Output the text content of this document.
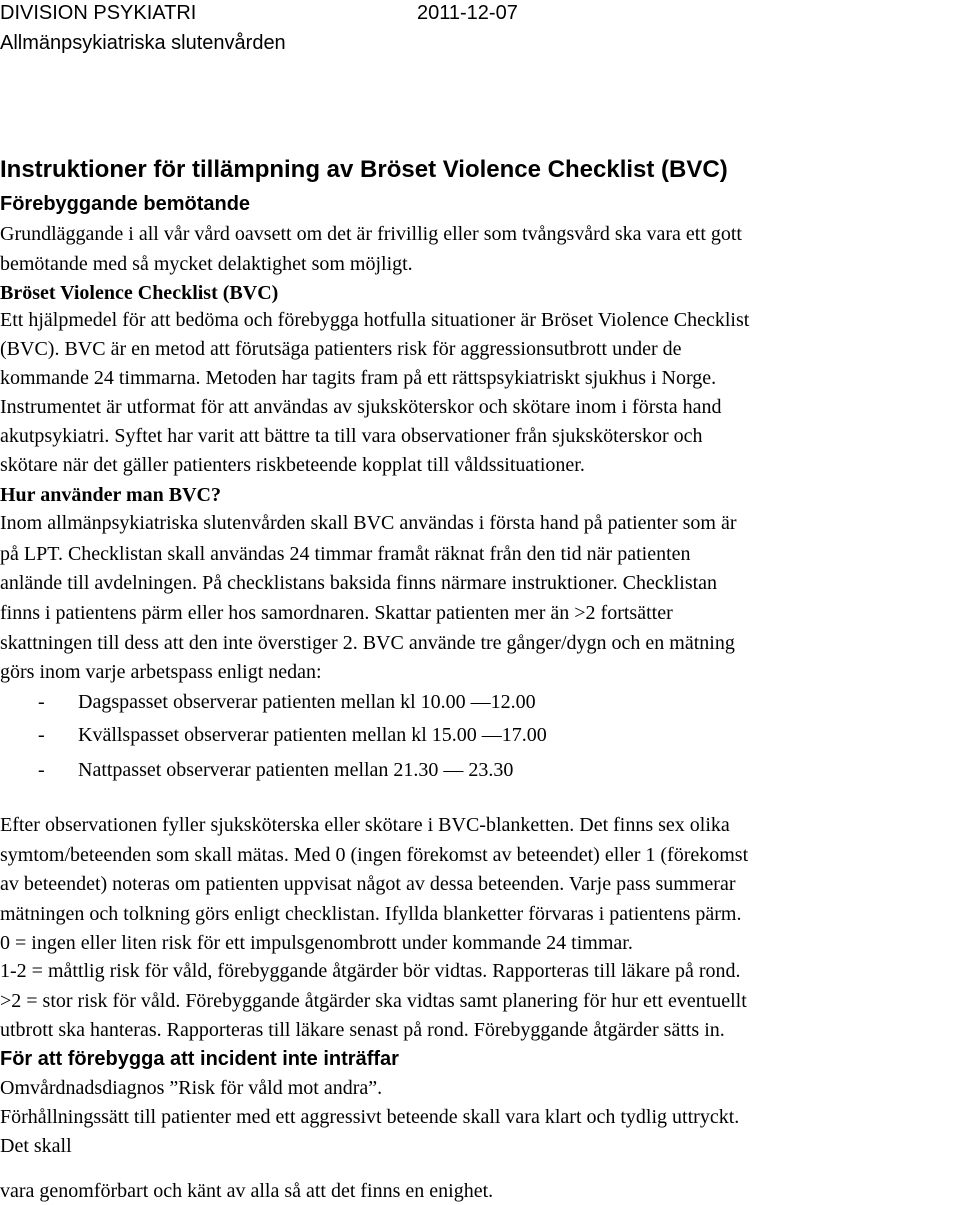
DIVISION PSYKIATRI	2011-12-07
Allmänpsykiatriska slutenvården
Instruktioner för tillämpning av Bröset Violence Checklist (BVC)
Förebyggande bemötande
Grundläggande i all vår vård oavsett om det är frivillig eller som tvångsvård ska vara ett gott
bemötande med så mycket delaktighet som möjligt.
Bröset Violence Checklist (BVC)
Ett hjälpmedel för att bedöma och förebygga hotfulla situationer är Bröset Violence Checklist
(BVC). BVC är en metod att förutsäga patienters risk för aggressionsutbrott under de
kommande 24 timmarna. Metoden har tagits fram på ett rättspsykiatriskt sjukhus i Norge.
Instrumentet är utformat för att användas av sjuksköterskor och skötare inom i första hand
akutpsykiatri. Syftet har varit att bättre ta till vara observationer från sjuksköterskor och
skötare när det gäller patienters riskbeteende kopplat till våldssituationer.
Hur använder man BVC?
Inom allmänpsykiatriska slutenvården skall BVC användas i första hand på patienter som är
på LPT. Checklistan skall användas 24 timmar framåt räknat från den tid när patienten
anlände till avdelningen. På checklistans baksida finns närmare instruktioner. Checklistan
finns i patientens pärm eller hos samordnaren. Skattar patienten mer än >2 fortsätter
skattningen till dess att den inte överstiger 2. BVC använde tre gånger/dygn och en mätning
görs inom varje arbetspass enligt nedan:
- Dagspasset observerar patienten mellan kl 10.00 —12.00
- Kvällspasset observerar patienten mellan kl 15.00 —17.00
- Nattpasset observerar patienten mellan 21.30 — 23.30
Efter observationen fyller sjuksköterska eller skötare i BVC-blanketten. Det finns sex olika
symtom/beteenden som skall mätas. Med 0 (ingen förekomst av beteendet) eller 1 (förekomst
av beteendet) noteras om patienten uppvisat något av dessa beteenden. Varje pass summerar
mätningen och tolkning görs enligt checklistan. Ifyllda blanketter förvaras i patientens pärm.
0 = ingen eller liten risk för ett impulsgenombrott under kommande 24 timmar.
1-2 = måttlig risk för våld, förebyggande åtgärder bör vidtas. Rapporteras till läkare på rond.
>2 = stor risk för våld. Förebyggande åtgärder ska vidtas samt planering för hur ett eventuellt
utbrott ska hanteras. Rapporteras till läkare senast på rond. Förebyggande åtgärder sätts in.
För att förebygga att incident inte inträffar
Omvårdnadsdiagnos ”Risk för våld mot andra”.
Förhållningssätt till patienter med ett aggressivt beteende skall vara klart och tydlig uttryckt.
Det skall
vara genomförbart och känt av alla så att det finns en enighet.
